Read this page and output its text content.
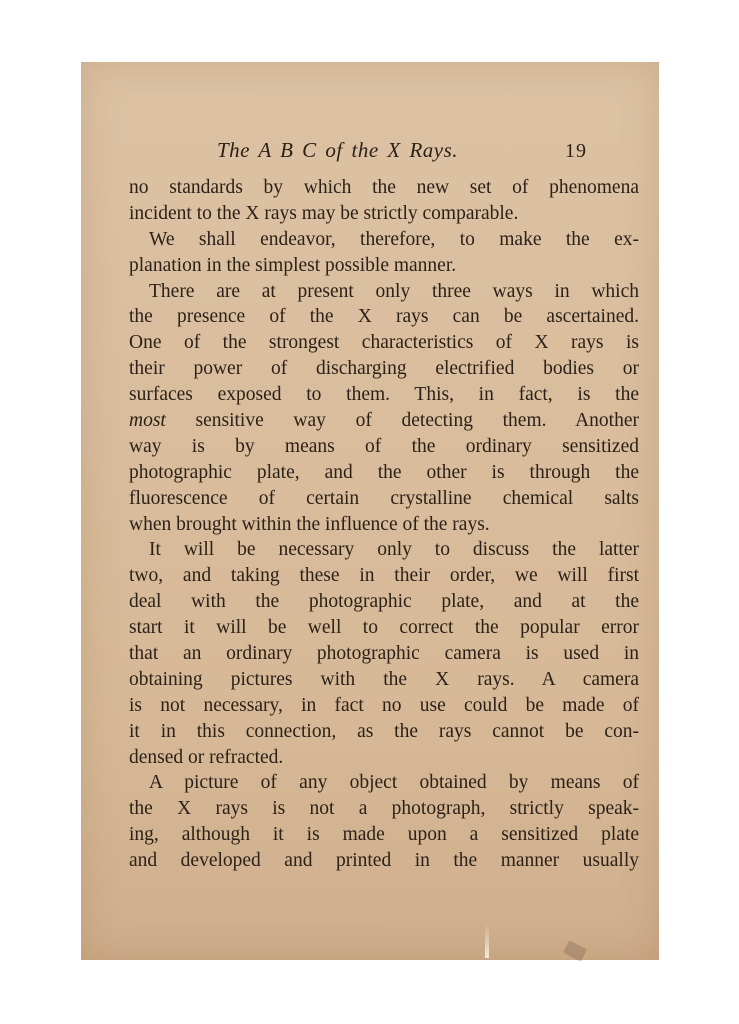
The A B C of the X Rays.	19
no standards by which the new set of phenomena
incident to the X rays may be strictly comparable.
We shall endeavor, therefore, to make the ex-
planation in the simplest possible manner.
There are at present only three ways in which
the presence of the X rays can be ascertained.
One of the strongest characteristics of X rays is
their power of discharging electrified bodies or
surfaces exposed to them. This, in fact, is the
most sensitive way of detecting them. Another
way is by means of the ordinary sensitized
photographic plate, and the other is through the
fluorescence of certain crystalline chemical salts
when brought within the influence of the rays.
It will be necessary only to discuss the latter
two, and taking these in their order, we will first
deal with the photographic plate, and at the
start it will be well to correct the popular error
that an ordinary photographic camera is used in
obtaining pictures with the X rays. A camera
is not necessary, in fact no use could be made of
it in this connection, as the rays cannot be con-
densed or refracted.
A picture of any object obtained by means of
the X rays is not a photograph, strictly speak-
ing, although it is made upon a sensitized plate
and developed and printed in the manner usually
